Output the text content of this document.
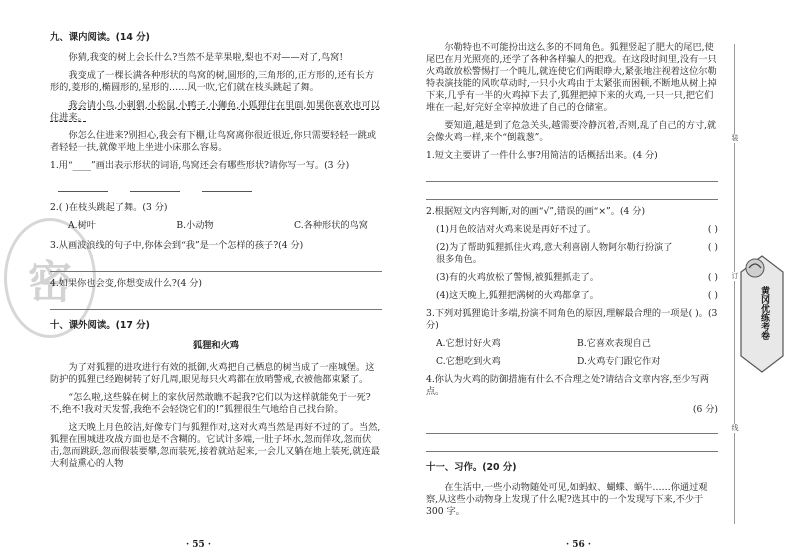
密
九、课内阅读。(14 分)
你猜,我变的树上会长什么?当然不是苹果啦,梨也不对——对了,鸟窝!
我变成了一棵长满各种形状的鸟窝的树,圆形的,三角形的,正方形的,还有长方形的,菱形的,椭圆形的,星形的……风一吹,它们就在枝头跳起了舞。
我会请小鸟,小刺猬,小松鼠,小鸭子,小狮鱼,小狐狸住在里面,如果你喜欢也可以住进来。
你怎么住进来?别担心,我会有下棚,让鸟窝离你很近很近,你只需要轻轻一跳或者轻轻一扶,就像平地上坐进小床那么容易。
1.用“____”画出表示形状的词语,鸟窝还会有哪些形状?请你写一写。(3 分)
2.( )在枝头跳起了舞。(3 分)
A.树叶	B.小动物	C.各种形状的鸟窝
3.从画波浪线的句子中,你体会到“我”是一个怎样的孩子?(4 分)
4.如果你也会变,你想变成什么?(4 分)
十、课外阅读。(17 分)
狐狸和火鸡
为了对狐狸的进攻进行有效的抵御,火鸡把自己栖息的树当成了一座城堡。这防护的狐狸已经跑树转了好几周,眼见每只火鸡都在放哨警戒,衣被他都束紧了。
“怎么啦,这些躲在树上的家伙居然敢瞧不起我?它们以为这样就能免于一死?不,绝不!我对天发誓,我绝不会轻饶它们的!”狐狸很生气地给自己找台阶。
这天晚上月色皎洁,好像专门与狐狸作对,这对火鸡当然是再好不过的了。当然,狐狸在围城进攻战方面也是不含糊的。它试计多端,一肚子坏水,忽而佯攻,忽而伏击,忽而跳跃,忽而假装要攀,忽而装死,接着就站起来,一会儿又躺在地上装死,就连最大利益熏心的人物
· 55 ·
尔勒特也不可能扮出这么多的不同角色。狐狸竖起了肥大的尾巴,使尾巴在月光照亮的,还学了各种各样骗人的把戏。在这段时间里,没有一只火鸡敢放松警惕打一个盹儿,就连使它们两眼睁大,紧张地注视着这位尔勒特表演技能的风吹草动时,一只小火鸡由于太紧张而困顿,不断地从树上掉下来,几乎有一半的火鸡掉下去了,狐狸把掉下来的火鸡,一只一只,把它们堆在一起,好完好全宰掉放进了自己的仓储室。
要知道,越是到了危急关头,越需要冷静沉着,否则,乱了自己的方寸,就会像火鸡一样,来个“倒栽葱”。
1.短文主要讲了一件什么事?用简洁的话概括出来。(4 分)
2.根据短文内容判断,对的画“√”,错误的画“×”。(4 分)
(1)月色皎洁对火鸡来说是再好不过了。	( )
(2)为了帮助狐狸抓住火鸡,意大利喜剧人物阿尔勒行扮演了很多角色。
( )
(3)有的火鸡放松了警惕,被狐狸抓走了。	( )
(4)这天晚上,狐狸把满树的火鸡都拿了。	( )
3.下列对狐狸诡计多端,扮演不同角色的原因,理解最合理的一项是( )。(3 分)
A.它想讨好火鸡	B.它喜欢表现自己
C.它想吃到火鸡	D.火鸡专门跟它作对
4.你认为火鸡的防御措施有什么不合理之处?请结合文章内容,至少写两点。
(6 分)
十一、习作。(20 分)
在生活中,一些小动物随处可见,如蚂蚁、蝴蝶、蜗牛……你通过观察,从这些小动物身上发现了什么呢?选其中的一个发现写下来,不少于 300 字。
· 56 ·
装
订
线
黄冈优练考卷
